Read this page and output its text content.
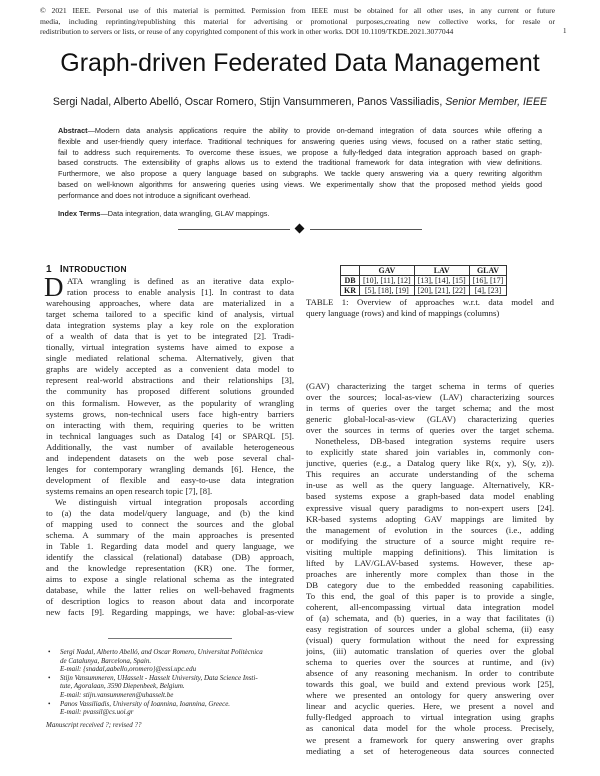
© 2021 IEEE. Personal use of this material is permitted. Permission from IEEE must be obtained for all other uses, in any current or future
media, including reprinting/republishing this material for advertising or promotional purposes,creating new collective works, for resale or
redistribution to servers or lists, or reuse of any copyrighted component of this work in other works. DOI 10.1109/TKDE.2021.3077044	1
Graph-driven Federated Data Management
Sergi Nadal, Alberto Abelló, Oscar Romero, Stijn Vansummeren, Panos Vassiliadis, Senior Member, IEEE
Abstract—Modern data analysis applications require the ability to provide on-demand integration of data sources while offering a
flexible and user-friendly query interface. Traditional techniques for answering queries using views, focused on a rather static setting,
fail to address such requirements. To overcome these issues, we propose a fully-fledged data integration approach based on graph-
based constructs. The extensibility of graphs allows us to extend the traditional framework for data integration with view definitions.
Furthermore, we also propose a query language based on subgraphs. We tackle query answering via a query rewriting algorithm
based on well-known algorithms for answering queries using views. We experimentally show that the proposed method yields good
performance and does not introduce a significant overhead.
Index Terms—Data integration, data wrangling, GLAV mappings.
1 INTRODUCTION
D ATA wrangling is defined as an iterative data explo-
ration process to enable analysis [1]. In contrast to data
warehousing approaches, where data are materialized in a
target schema tailored to a specific kind of analysis, virtual
data integration systems play a key role on the exploration
of a wealth of data that is yet to be integrated [2]. Tradi-
tionally, virtual integration systems have aimed to expose a
single mediated relational schema. Alternatively, given that
graphs are widely accepted as a convenient data model to
represent real-world abstractions and their relationships [3],
the community has proposed different solutions grounded
on this formalism. However, as the popularity of wrangling
systems grows, non-technical users face high-entry barriers
on interacting with them, requiring queries to be written
in technical languages such as Datalog [4] or SPARQL [5].
Additionally, the vast number of available heterogeneous
and independent datasets on the web pose several chal-
lenges for contemporary wrangling demands [6]. Hence, the
development of flexible and easy-to-use data integration
systems remains an open research topic [7], [8].
We distinguish virtual integration proposals according
to (a) the data model/query language, and (b) the kind
of mapping used to connect the sources and the global
schema. A summary of the main approaches is presented
in Table 1. Regarding data model and query language, we
identify the classical (relational) database (DB) approach,
and the knowledge representation (KR) one. The former,
aims to expose a single relational schema as the integrated
database, while the latter relies on well-behaved fragments
of description logics to reason about data and incorporate
new facts [9]. Regarding mappings, we have: global-as-view
• Sergi Nadal, Alberto Abelló, and Oscar Romero, Universitat Politècnica
de Catalunya, Barcelona, Spain.
E-mail: {snadal,aabello,oromero}@essi.upc.edu
• Stijn Vansummeren, UHasselt - Hasselt University, Data Science Insti-
tute, Agoralaan, 3590 Diepenbeek, Belgium.
E-mail: stijn.vansummeren@uhasselt.be
• Panos Vassiliadis, University of Ioannina, Ioannina, Greece.
E-mail: pvassil@cs.uoi.gr
Manuscript received ?; revised ??
	GAV	LAV	GLAV
DB	[10], [11], [12]	[13], [14], [15]	[16], [17]
KR	[5], [18], [19]	[20], [21], [22]	[4], [23]
TABLE 1: Overview of approaches w.r.t. data model and
query language (rows) and kind of mappings (columns)
(GAV) characterizing the target schema in terms of queries
over the sources; local-as-view (LAV) characterizing sources
in terms of queries over the target schema; and the most
generic global-local-as-view (GLAV) characterizing queries
over the sources in terms of queries over the target schema.
Nonetheless, DB-based integration systems require users
to explicitly state shared join variables in, commonly con-
junctive, queries (e.g., a Datalog query like R(x, y), S(y, z)).
This requires an accurate understanding of the schema
in-use as well as the query language. Alternatively, KR-
based systems expose a graph-based data model enabling
expressive visual query paradigms to non-expert users [24].
KR-based systems adopting GAV mappings are limited by
the management of evolution in the sources (i.e., adding
or modifying the structure of a source might require re-
visiting multiple mapping definitions). This limitation is
lifted by LAV/GLAV-based systems. However, these ap-
proaches are inherently more complex than those in the
DB category due to the embedded reasoning capabilities.
To this end, the goal of this paper is to provide a single,
coherent, all-encompassing virtual data integration model
of (a) schemata, and (b) queries, in a way that facilitates (i)
easy registration of sources under a global schema, (ii) easy
(visual) query formulation without the need for expressing
joins, (iii) automatic translation of queries over the global
schema to queries over the sources at runtime, and (iv)
absence of any reasoning mechanism. In order to contribute
towards this goal, we build and extend previous work [25],
where we presented an ontology for query answering over
linear and acyclic queries. Here, we present a novel and
fully-fledged approach to virtual integration using graphs
as canonical data model for the whole process. Precisely,
we present a framework for query answering over graphs
mediating a set of heterogeneous data sources connected
